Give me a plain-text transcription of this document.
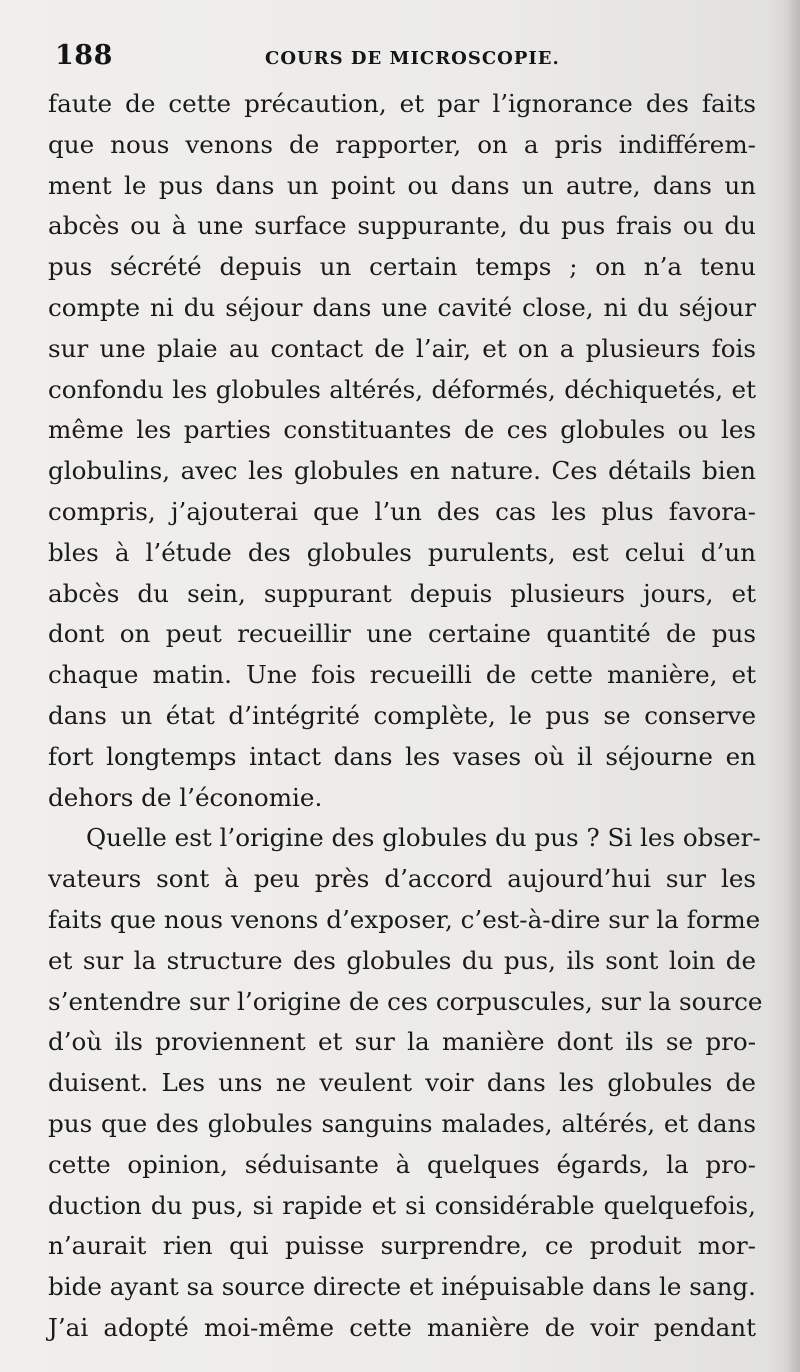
188	COURS DE MICROSCOPIE.
faute de cette précaution, et par l’ignorance des faits
que nous venons de rapporter, on a pris indifférem-
ment le pus dans un point ou dans un autre, dans un
abcès ou à une surface suppurante, du pus frais ou du
pus sécrété depuis un certain temps ; on n’a tenu
compte ni du séjour dans une cavité close, ni du séjour
sur une plaie au contact de l’air, et on a plusieurs fois
confondu les globules altérés, déformés, déchiquetés, et
même les parties constituantes de ces globules ou les
globulins, avec les globules en nature. Ces détails bien
compris, j’ajouterai que l’un des cas les plus favora-
bles à l’étude des globules purulents, est celui d’un
abcès du sein, suppurant depuis plusieurs jours, et
dont on peut recueillir une certaine quantité de pus
chaque matin. Une fois recueilli de cette manière, et
dans un état d’intégrité complète, le pus se conserve
fort longtemps intact dans les vases où il séjourne en
dehors de l’économie.
Quelle est l’origine des globules du pus ? Si les obser-
vateurs sont à peu près d’accord aujourd’hui sur les
faits que nous venons d’exposer, c’est-à-dire sur la forme
et sur la structure des globules du pus, ils sont loin de
s’entendre sur l’origine de ces corpuscules, sur la source
d’où ils proviennent et sur la manière dont ils se pro-
duisent. Les uns ne veulent voir dans les globules de
pus que des globules sanguins malades, altérés, et dans
cette opinion, séduisante à quelques égards, la pro-
duction du pus, si rapide et si considérable quelquefois,
n’aurait rien qui puisse surprendre, ce produit mor-
bide ayant sa source directe et inépuisable dans le sang.
J’ai adopté moi-même cette manière de voir pendant
